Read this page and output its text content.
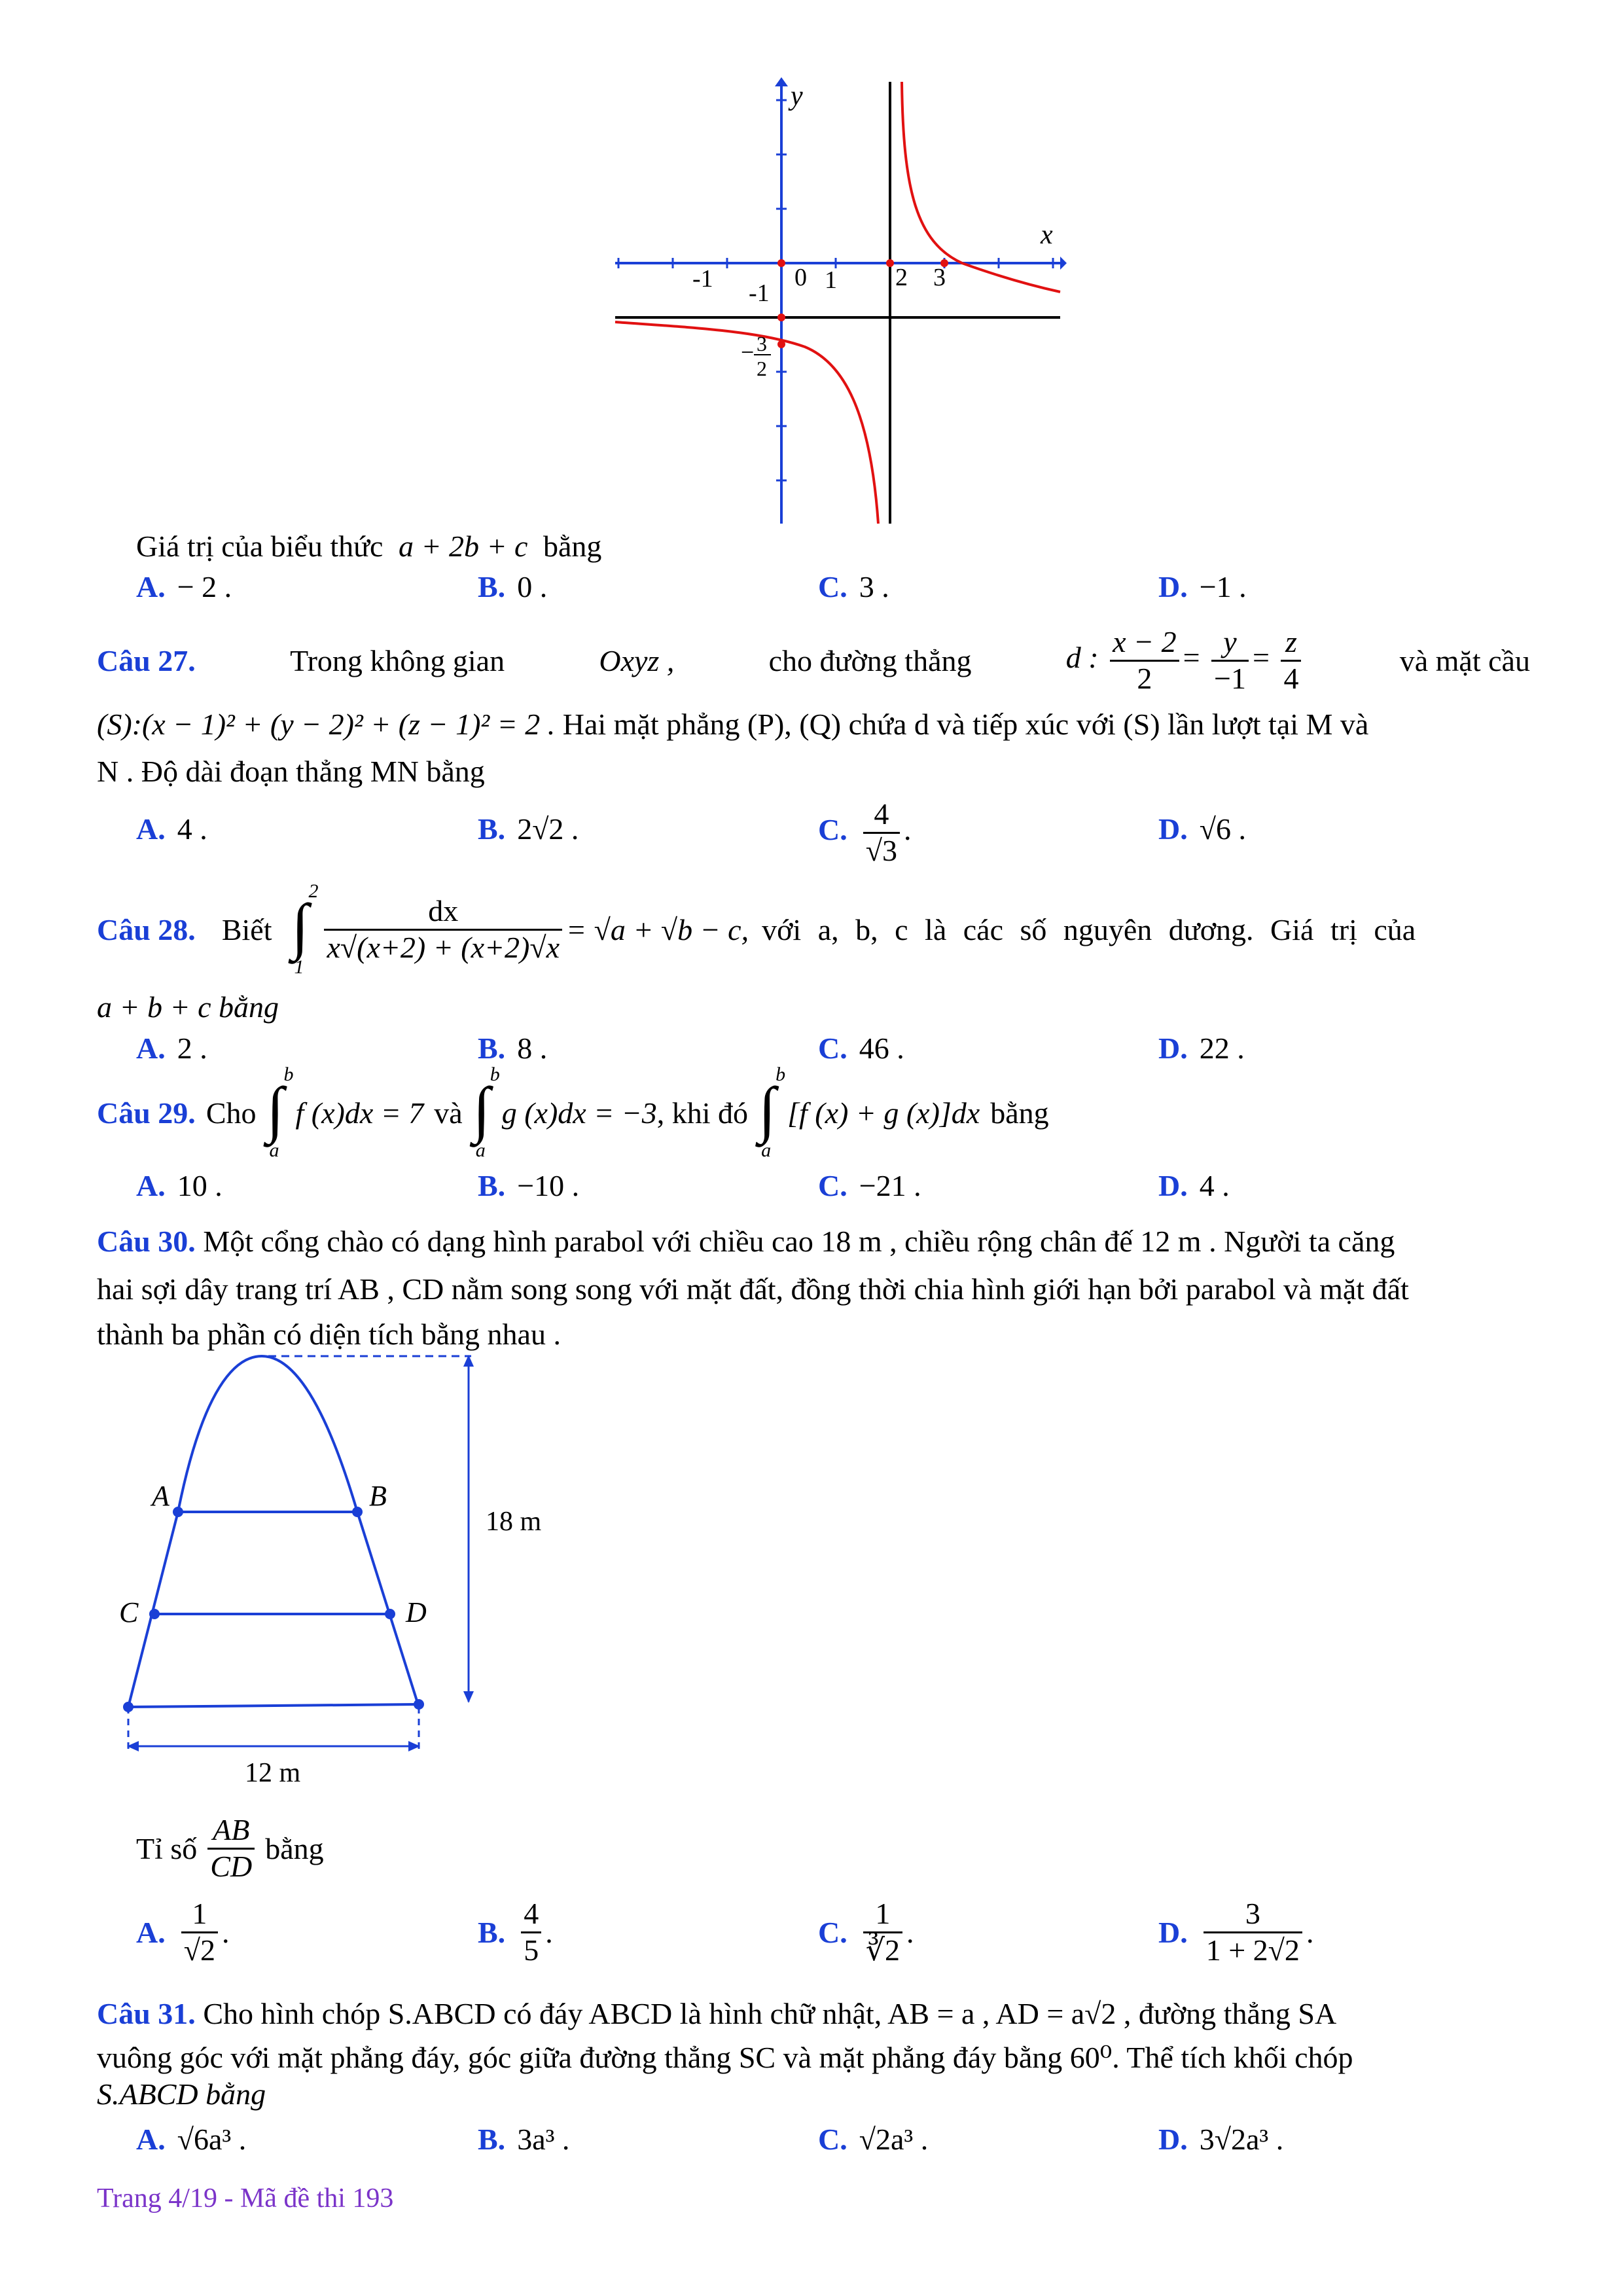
x
y
-1	0 1 2 3
-1
− 3
2
Giá trị của biểu thức a + 2b + c bằng
A. − 2 .	B. 0 .	C. 3 .	D. −1 .
Câu 27.	Trong không gian	Oxyz ,	cho đường thẳng	d : $\frac{x - 2}{2} = \frac{y}{-1} = \frac{z}{4}$	và mặt cầu
(S):(x − 1)² + (y − 2)² + (z − 1)² = 2 . Hai mặt phẳng (P), (Q) chứa d và tiếp xúc với (S) lần lượt tại M và
N . Độ dài đoạn thẳng MN bằng
A. 4 .	B. 2√2 .	C. $\frac{4}{√3}$ .	D. √6 .
Câu 28. Biết
2
∫
1
$\frac{dx}{x√(x+2) + (x+2)√x} = √a + √b - c$, với a, b, c là các số nguyên dương. Giá trị của
a + b + c bằng
A. 2 .	B. 8 .	C. 46 .	D. 22 .
Câu 29. Cho
b
∫
a
f (x)dx = 7 và
b
∫
a
g (x)dx = −3 , khi đó
b
∫
a
[f (x) + g (x)]dx bằng
A. 10 .	B. −10 .	C. −21 .	D. 4 .
Câu 30. Một cổng chào có dạng hình parabol với chiều cao 18 m , chiều rộng chân đế 12 m . Người ta căng
hai sợi dây trang trí AB , CD nằm song song với mặt đất, đồng thời chia hình giới hạn bởi parabol và mặt đất
thành ba phần có diện tích bằng nhau .
A	B
C	D
18 m
12 m
Tỉ số $\frac{AB}{CD}$ bằng
A. $\frac{1}{√2}$ .	B. $\frac{4}{5}$ .	C. $\frac{1}{∛2}$ .	D. $\frac{3}{1 + 2√2}$ .
Câu 31. Cho hình chóp S.ABCD có đáy ABCD là hình chữ nhật, AB = a , AD = a√2 , đường thẳng SA
vuông góc với mặt phẳng đáy, góc giữa đường thẳng SC và mặt phẳng đáy bằng 60⁰. Thể tích khối chóp
S.ABCD bằng
A. √6a³ .	B. 3a³ .	C. √2a³ .	D. 3√2a³ .
Trang 4/19 - Mã đề thi 193
